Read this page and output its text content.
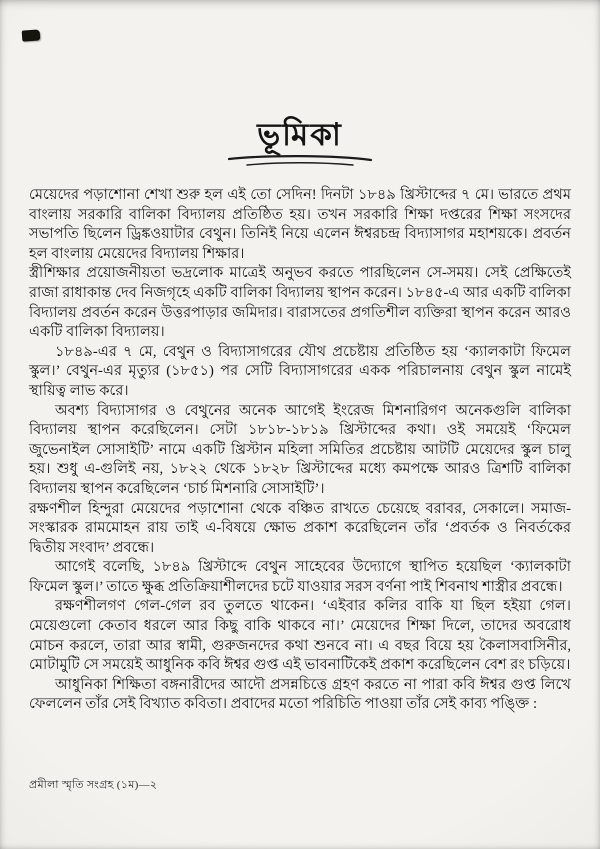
ভূমিকা

মেয়েদের পড়াশোনা শেখা শুরু হল এই তো সেদিন! দিনটা ১৮৪৯ খ্রিস্টাব্দের ৭ মে। ভারতে প্রথম বাংলায় সরকারি বালিকা বিদ্যালয় প্রতিষ্ঠিত হয়। তখন সরকারি শিক্ষা দপ্তরের শিক্ষা সংসদের সভাপতি ছিলেন ড্রিঙ্কওয়াটার বেথুন। তিনিই নিয়ে এলেন ঈশ্বরচন্দ্র বিদ্যাসাগর মহাশয়কে। প্রবর্তন হল বাংলায় মেয়েদের বিদ্যালয় শিক্ষার।

স্ত্রীশিক্ষার প্রয়োজনীয়তা ভদ্রলোক মাত্রেই অনুভব করতে পারছিলেন সে-সময়। সেই প্রেক্ষিতেই রাজা রাধাকান্ত দেব নিজগৃহে একটি বালিকা বিদ্যালয় স্থাপন করেন। ১৮৪৫-এ আর একটি বালিকা বিদ্যালয় প্রবর্তন করেন উত্তরপাড়ার জমিদার। বারাসতের প্রগতিশীল ব্যক্তিরা স্থাপন করেন আরও একটি বালিকা বিদ্যালয়।

১৮৪৯-এর ৭ মে, বেথুন ও বিদ্যাসাগরের যৌথ প্রচেষ্টায় প্রতিষ্ঠিত হয় ‘ক্যালকাটা ফিমেল স্কুল।’ বেথুন-এর মৃত্যুর (১৮৫১) পর সেটি বিদ্যাসাগরের একক পরিচালনায় বেথুন স্কুল নামেই স্থায়িত্ব লাভ করে।

অবশ্য বিদ্যাসাগর ও বেথুনের অনেক আগেই ইংরেজ মিশনারিগণ অনেকগুলি বালিকা বিদ্যালয় স্থাপন করেছিলেন। সেটা ১৮১৮-১৮১৯ খ্রিস্টাব্দের কথা। ওই সময়েই ‘ফিমেল জুভেনাইল সোসাইটি’ নামে একটি খ্রিস্টান মহিলা সমিতির প্রচেষ্টায় আটটি মেয়েদের স্কুল চালু হয়। শুধু এ-গুলিই নয়, ১৮২২ থেকে ১৮২৮ খ্রিস্টাব্দের মধ্যে কমপক্ষে আরও ত্রিশটি বালিকা বিদ্যালয় স্থাপন করেছিলেন ‘চার্চ মিশনারি সোসাইটি’।

রক্ষণশীল হিন্দুরা মেয়েদের পড়াশোনা থেকে বঞ্চিত রাখতে চেয়েছে বরাবর, সেকালে। সমাজ-সংস্কারক রামমোহন রায় তাই এ-বিষয়ে ক্ষোভ প্রকাশ করেছিলেন তাঁর ‘প্রবর্তক ও নিবর্তকের দ্বিতীয় সংবাদ’ প্রবন্ধে।

আগেই বলেছি, ১৮৪৯ খ্রিস্টাব্দে বেথুন সাহেবের উদ্যোগে স্থাপিত হয়েছিল ‘ক্যালকাটা ফিমেল স্কুল।’ তাতে ক্ষুব্ধ প্রতিক্রিয়াশীলদের চটে যাওয়ার সরস বর্ণনা পাই শিবনাথ শাস্ত্রীর প্রবন্ধে।

রক্ষণশীলগণ গেল-গেল রব তুলতে থাকেন। ‘এইবার কলির বাকি যা ছিল হইয়া গেল। মেয়েগুলো কেতাব ধরলে আর কিছু বাকি থাকবে না।’ মেয়েদের শিক্ষা দিলে, তাদের অবরোধ মোচন করলে, তারা আর স্বামী, গুরুজনদের কথা শুনবে না। এ বছর বিয়ে হয় কৈলাসবাসিনীর, মোটামুটি সে সময়েই আধুনিক কবি ঈশ্বর গুপ্ত এই ভাবনাটিকেই প্রকাশ করেছিলেন বেশ রং চড়িয়ে।

আধুনিকা শিক্ষিতা বঙ্গনারীদের আদৌ প্রসন্নচিত্তে গ্রহণ করতে না পারা কবি ঈশ্বর গুপ্ত লিখে ফেললেন তাঁর সেই বিখ্যাত কবিতা। প্রবাদের মতো পরিচিতি পাওয়া তাঁর সেই কাব্য পঙ্ক্তি :

প্রমীলা স্মৃতি সংগ্রহ (১ম)—২
